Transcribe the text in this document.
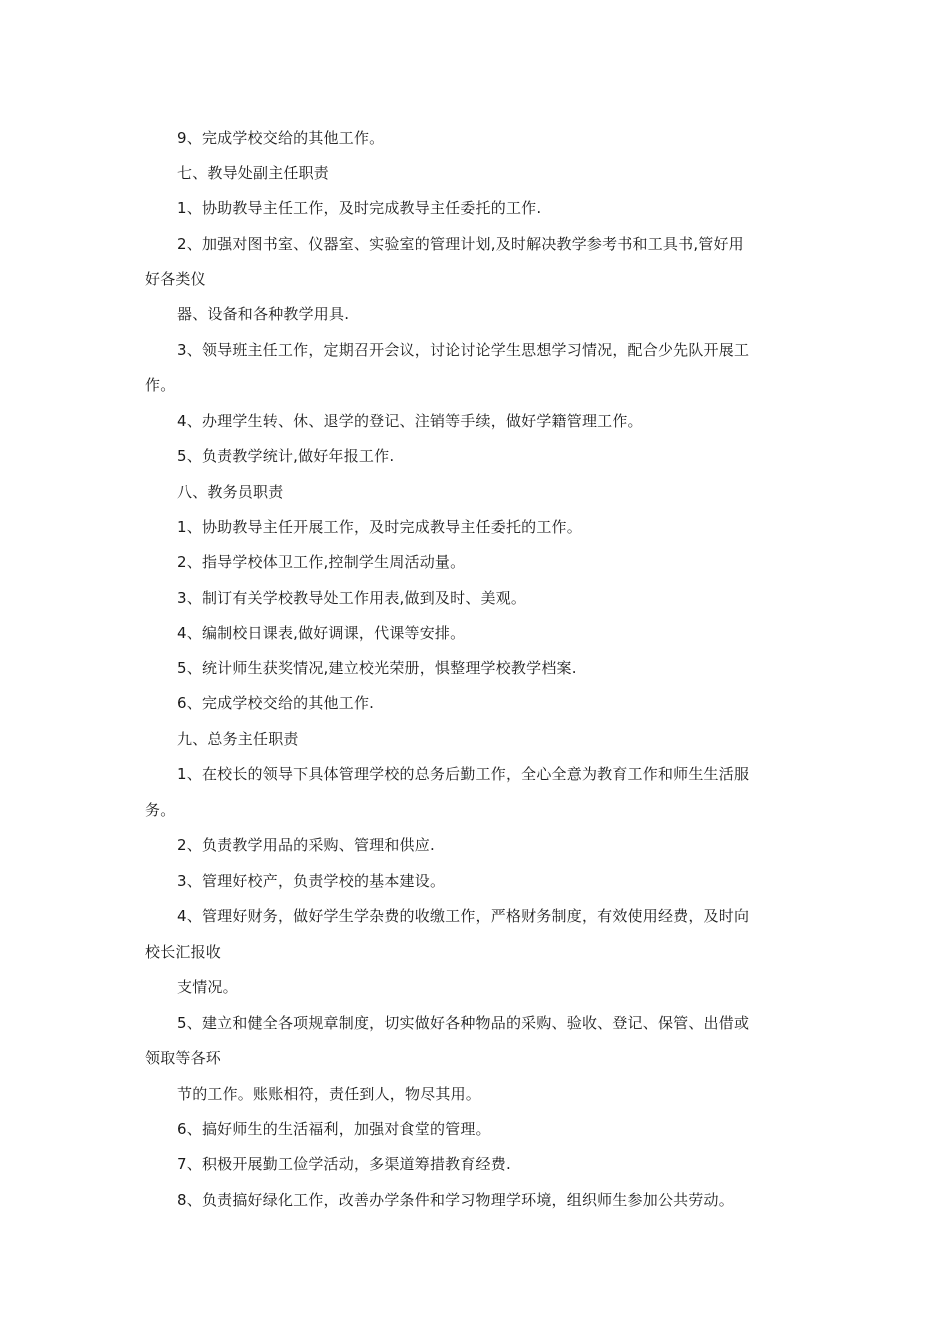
9、完成学校交给的其他工作。
七、教导处副主任职责
1、协助教导主任工作，及时完成教导主任委托的工作.
2、加强对图书室、仪器室、实验室的管理计划,及时解决教学参考书和工具书,管好用
好各类仪
器、设备和各种教学用具.
3、领导班主任工作，定期召开会议，讨论讨论学生思想学习情况，配合少先队开展工
作。
4、办理学生转、休、退学的登记、注销等手续，做好学籍管理工作。
5、负责教学统计,做好年报工作.
八、教务员职责
1、协助教导主任开展工作，及时完成教导主任委托的工作。
2、指导学校体卫工作,控制学生周活动量。
3、制订有关学校教导处工作用表,做到及时、美观。
4、编制校日课表,做好调课，代课等安排。
5、统计师生获奖情况,建立校光荣册，惧整理学校教学档案.
6、完成学校交给的其他工作.
九、总务主任职责
1、在校长的领导下具体管理学校的总务后勤工作，全心全意为教育工作和师生生活服
务。
2、负责教学用品的采购、管理和供应.
3、管理好校产，负责学校的基本建设。
4、管理好财务，做好学生学杂费的收缴工作，严格财务制度，有效使用经费，及时向
校长汇报收
支情况。
5、建立和健全各项规章制度，切实做好各种物品的采购、验收、登记、保管、出借或
领取等各环
节的工作。账账相符，责任到人，物尽其用。
6、搞好师生的生活福利，加强对食堂的管理。
7、积极开展勤工俭学活动，多渠道筹措教育经费.
8、负责搞好绿化工作，改善办学条件和学习物理学环境，组织师生参加公共劳动。
